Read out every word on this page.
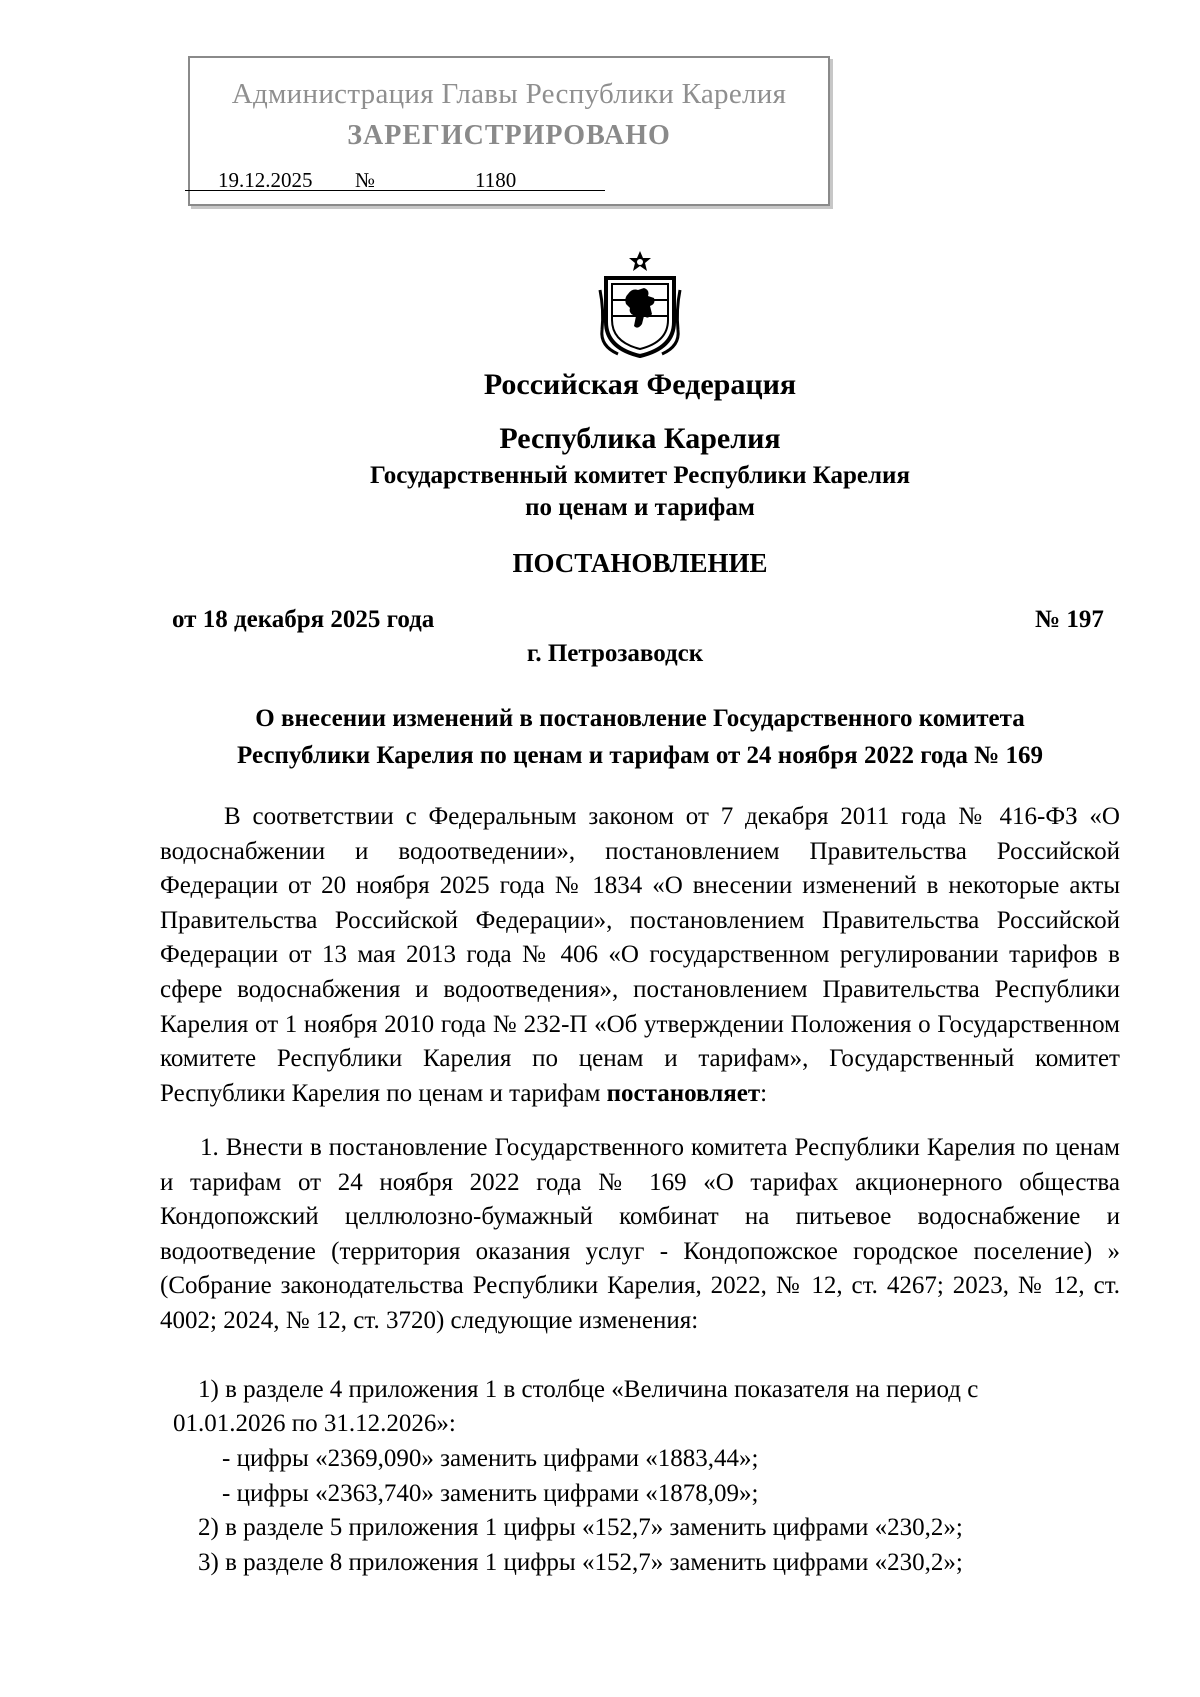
Администрация Главы Республики Карелия
ЗАРЕГИСТРИРОВАНО
19.12.2025 №	1180
Российская Федерация
Республика Карелия
Государственный комитет Республики Карелия
по ценам и тарифам
ПОСТАНОВЛЕНИЕ
от 18 декабря 2025 года	№ 197
г. Петрозаводск
О внесении изменений в постановление Государственного комитета
Республики Карелия по ценам и тарифам от 24 ноября 2022 года № 169
В соответствии с Федеральным законом от 7 декабря 2011 года № 416-ФЗ «О водоснабжении и водоотведении», постановлением Правительства Российской Федерации от 20 ноября 2025 года № 1834 «О внесении изменений в некоторые акты Правительства Российской Федерации», постановлением Правительства Российской Федерации от 13 мая 2013 года № 406 «О государственном регулировании тарифов в сфере водоснабжения и водоотведения», постановлением Правительства Республики Карелия от 1 ноября 2010 года № 232-П «Об утверждении Положения о Государственном комитете Республики Карелия по ценам и тарифам», Государственный комитет Республики Карелия по ценам и тарифам постановляет:
1. Внести в постановление Государственного комитета Республики Карелия по ценам и тарифам от 24 ноября 2022 года № 169 «О тарифах акционерного общества Кондопожский целлюлозно-бумажный комбинат на питьевое водоснабжение и водоотведение (территория оказания услуг - Кондопожское городское поселение) » (Собрание законодательства Республики Карелия, 2022, № 12, ст. 4267; 2023, № 12, ст. 4002; 2024, № 12, ст. 3720) следующие изменения:
1) в разделе 4 приложения 1 в столбце «Величина показателя на период с
01.01.2026 по 31.12.2026»:
- цифры «2369,090» заменить цифрами «1883,44»;
- цифры «2363,740» заменить цифрами «1878,09»;
2) в разделе 5 приложения 1 цифры «152,7» заменить цифрами «230,2»;
3) в разделе 8 приложения 1 цифры «152,7» заменить цифрами «230,2»;
